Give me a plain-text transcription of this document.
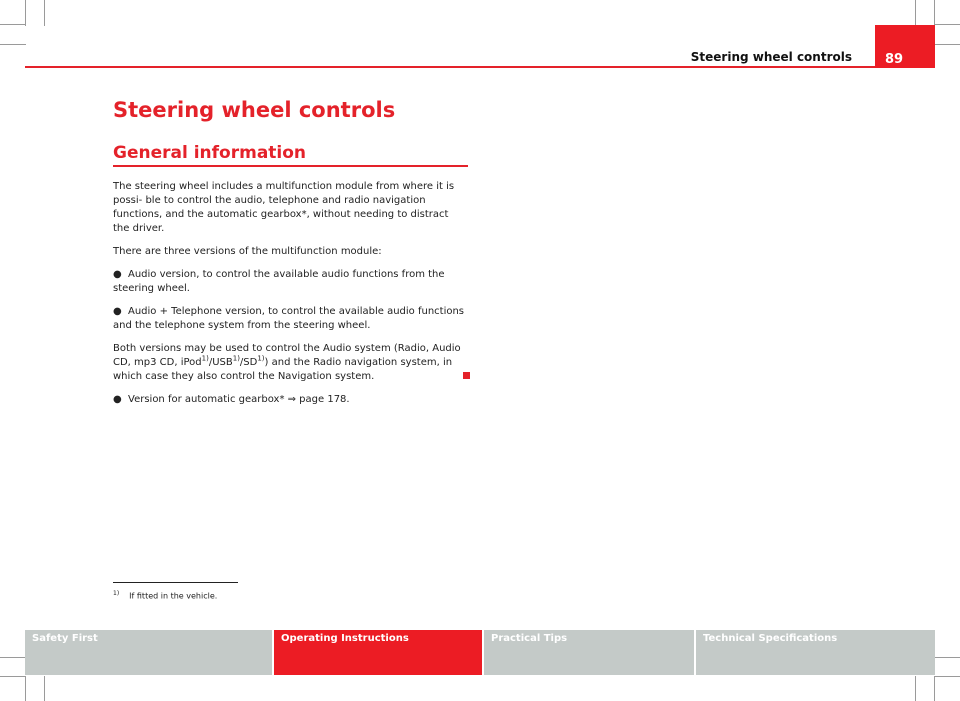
Steering wheel controls	89
Steering wheel controls
General information

The steering wheel includes a multifunction module from where it is possi- ble to control the audio, telephone and radio navigation functions, and the automatic gearbox*, without needing to distract the driver.

There are three versions of the multifunction module:

● Audio version, to control the available audio functions from the steering wheel.

● Audio + Telephone version, to control the available audio functions and the telephone system from the steering wheel.

Both versions may be used to control the Audio system (Radio, Audio CD, mp3 CD, iPod$^{1)}$/USB$^{1)}$/SD$^{1)}$) and the Radio navigation system, in which case they also control the Navigation system.

● Version for automatic gearbox* ⇒ page 178.

$^{1)}$ If fitted in the vehicle.
Safety First	Operating Instructions	Practical Tips	Technical Specifications
